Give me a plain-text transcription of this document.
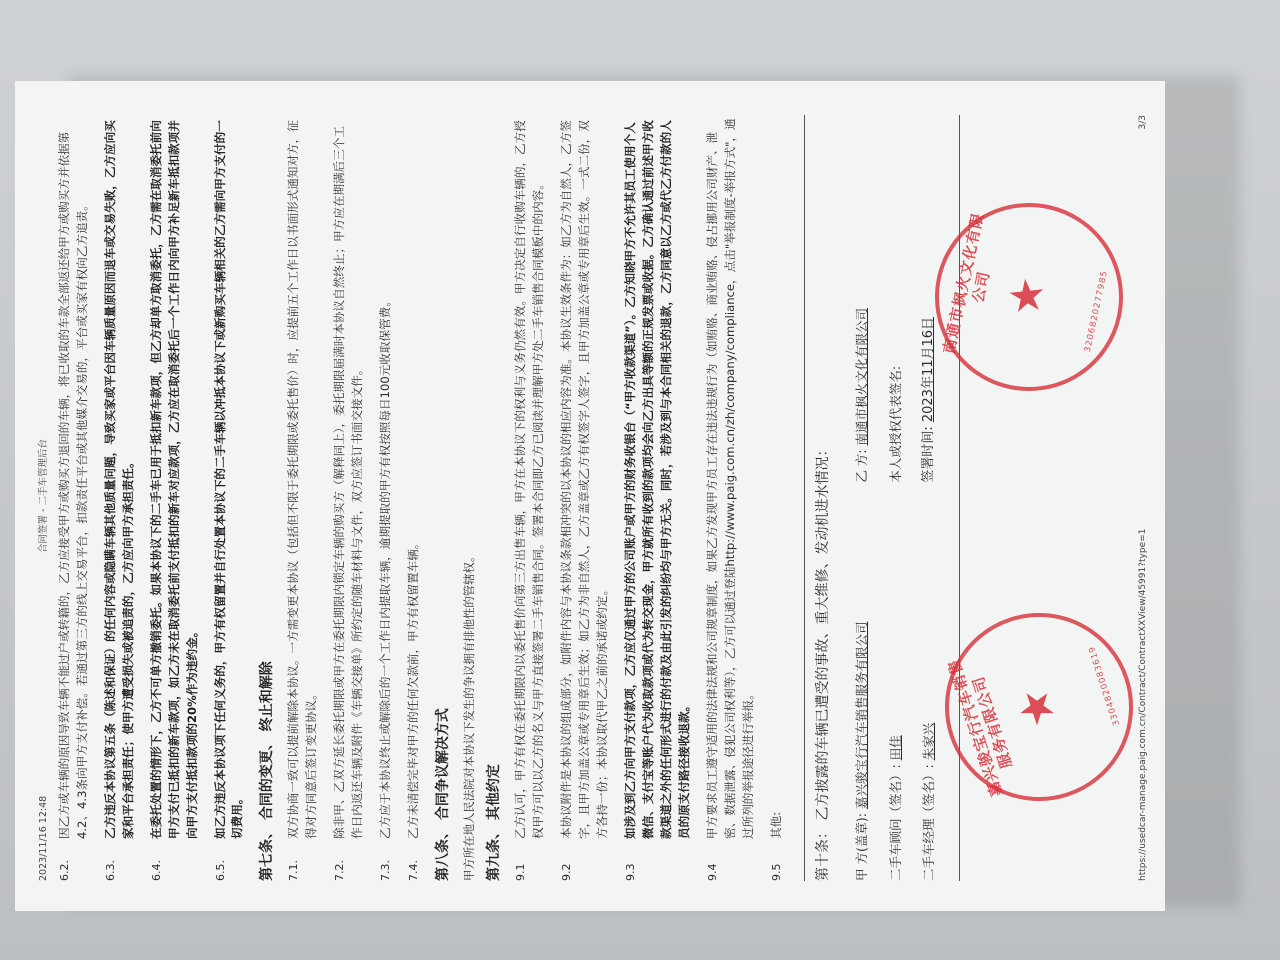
2023/11/16 12:48
合同签署 - 二手车管理后台
6.2.
因乙方或车辆的原因导致车辆不能过户或转籍的，乙方应接受甲方或购买方退回的车辆，将已收取的车款全部返还给甲方或购买方并依据第4.2、4.3条向甲方支付补偿。若通过第三方的线上交易平台，扣款责任平台或其他媒介交易的，平台或买家有权向乙方追责。
6.3.
乙方违反本协议第五条（陈述和保证）的任何内容或隐瞒车辆其他质量问题，导致买家或平台因车辆质量原因而退车或交易失败，乙方应向买家和平台承担责任；使甲方遭受损失或被追责的，乙方应向甲方承担责任。
6.4.
在委托处置的情形下，乙方不可单方撤销委托。如果本协议下的二手车已用于抵扣新车款项，但乙方却单方取消委托，乙方需在取消委托前向甲方支付已抵扣的新车款项，如乙方未在取消委托前支付抵扣的新车对应款项，乙方应在取消委托后一个工作日内向甲方补足新车抵扣款项并向甲方支付抵扣款项的20%作为违约金。
6.5.
如乙方违反本协议项下任何义务的，甲方有权留置并自行处置本协议下的二手车辆以冲抵本协议下或新购买车辆相关的乙方需向甲方支付的一切费用。 第七条、 合同的变更、 终止和解除	7.1.
双方协商一致可以提前解除本协议。一方需变更本协议（包括但不限于委托期限或委托售价）时，应提前五个工作日以书面形式通知对方，征得对方同意后签订变更协议。
7.2.
除非甲、乙双方延长委托期限或甲方在委托期限内锁定车辆的购买方（解释同上），委托期限届满时本协议自然终止；甲方应在期满后三个工作日内返还车辆及附件《车辆交接单》所约定的随车材料与文件，双方应签订书面交接文件。
7.3.
乙方应于本协议终止或解除后的一个工作日内提取车辆，逾期提取的甲方有权按照每日100元收取保管费。
7.4.
乙方未清偿完毕对甲方的任何欠款前，甲方有权留置车辆。 第八条、 合同争议解决方式 甲方所在地人民法院对本协议下发生的争议拥有排他性的管辖权。 第九条、 其他约定	9.1
乙方认可，甲方有权在委托期限内以委托售价向第三方出售车辆，甲方在本协议下的权利与义务仍然有效。甲方决定自行收购车辆的，乙方授权甲方可以以乙方的名义与甲方直接签署二手车销售合同。签署本合同即乙方已阅读并理解甲方处二手车销售合同模板中的内容。
9.2
本协议附件是本协议的组成部分，如附件内容与本协议条款相冲突的以本协议的相应内容为准。本协议生效条件为：如乙方为自然人，乙方签字，且甲方加盖公章或专用章后生效；如乙方为非自然人，乙方盖章或乙方有权签字人签字，且甲方加盖公章或专用章后生效。一式二份，双方各持一份；本协议取代甲乙之前的承诺或约定。
9.3
如涉及到乙方向甲方支付款项，乙方应仅通过甲方的公司账户或甲方的财务收银台（“甲方收款渠道”）。乙方知晓甲方不允许其员工使用个人微信、支付宝等账户代为收取款项或代为转交现金，甲方就所有收到的款项均会向乙方出具等额的正规发票或收据。乙方确认通过前述甲方收款渠道之外的任何形式进行的付款及由此引发的纠纷均与甲方无关。同时，若涉及到与本合同相关的退款，乙方同意以乙方或代乙方付款的人员的原支付路径接收退款。
9.4
甲方要求员工遵守适用的法律法规和公司规章制度，如果乙方发现甲方员工存在违法违规行为（如贿赂、商业贿赂、侵占挪用公司财产、泄密、数据泄露、侵犯公司权利等），乙方可以通过登陆http://www.paig.com.cn/zh/company/compliance，点击"举报制度-举报方式"，通过所列的举报途径进行举报。
9.5
其他: 第十条： 乙方披露的车辆已遭受的事故、重大维修、发动机进水情况： 甲 方(盖章): 嘉兴骏宝行汽车销售服务有限公司
二手车顾问（签名）: 田佳
二手车经理（签名）: 朱家兴
乙 方: 南通市枫火文化有限公司 本人或授权代表签名: 签署时间: 2023年11月16日
嘉兴骏宝行汽车销售服务有限公司
★	3304820083619
南通市枫火文化有限公司 ★	3206820277985
https://usedcar-manage.paig.com.cn/Contract/ContractXXView/45991?type=1
3/3
